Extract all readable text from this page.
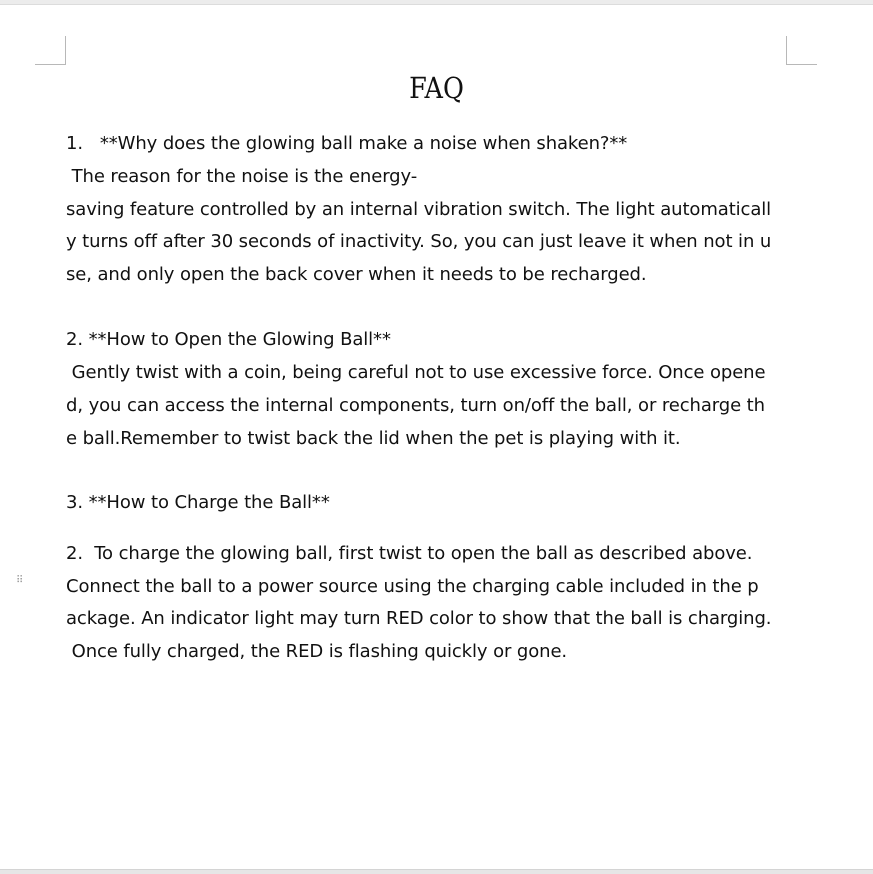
⠿
FAQ
1.   **Why does the glowing ball make a noise when shaken?**
The reason for the noise is the energy-
saving feature controlled by an internal vibration switch. The light automaticall
y turns off after 30 seconds of inactivity. So, you can just leave it when not in u
se, and only open the back cover when it needs to be recharged.
2. **How to Open the Glowing Ball**
Gently twist with a coin, being careful not to use excessive force. Once opene
d, you can access the internal components, turn on/off the ball, or recharge th
e ball.Remember to twist back the lid when the pet is playing with it.
3. **How to Charge the Ball**
2.  To charge the glowing ball, first twist to open the ball as described above.
Connect the ball to a power source using the charging cable included in the p
ackage. An indicator light may turn RED color to show that the ball is charging.
Once fully charged, the RED is flashing quickly or gone.
